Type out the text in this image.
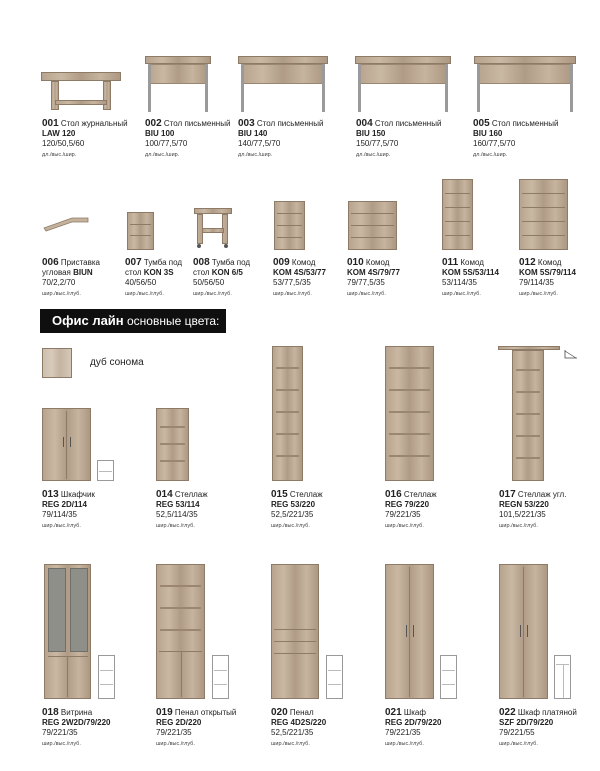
001 Стол журнальный
LAW 120
120/50,5/60
дл./выс./шир.
002 Стол письменный
BIU 100
100/77,5/70
дл./выс./шир.
003 Стол письменный
BIU 140
140/77,5/70
дл./выс./шир.
004 Стол письменный
BIU 150
150/77,5/70
дл./выс./шир.
005 Стол письменный
BIU 160
160/77,5/70
дл./выс./шир.
006 Приставка
угловая BIUN
70/2,2/70
шир./выс./глуб.
007 Тумба под
стол KON 3S
40/56/50
шир./выс./глуб.
008 Тумба под
стол KON 6/5
50/56/50
шир./выс./глуб.
009 Комод
KOM 4S/53/77
53/77,5/35
шир./выс./глуб.
010 Комод
KOM 4S/79/77
79/77,5/35
шир./выс./глуб.
011 Комод
KOM 5S/53/114
53/114/35
шир./выс./глуб.
012 Комод
KOM 5S/79/114
79/114/35
шир./выс./глуб.
Офис лайн основные цвета:
дуб сонома
013 Шкафчик
REG 2D/114
79/114/35
шир./выс./глуб.
014 Стеллаж
REG 53/114
52,5/114/35
шир./выс./глуб.
015 Стеллаж
REG 53/220
52,5/221/35
шир./выс./глуб.
016 Стеллаж
REG 79/220
79/221/35
шир./выс./глуб.
017 Стеллаж угл.
REGN 53/220
101,5/221/35
шир./выс./глуб.
018 Витрина
REG 2W2D/79/220
79/221/35
шир./выс./глуб.
019 Пенал открытый
REG 2D/220
79/221/35
шир./выс./глуб.
020 Пенал
REG 4D2S/220
52,5/221/35
шир./выс./глуб.
021 Шкаф
REG 2D/79/220
79/221/35
шир./выс./глуб.
022 Шкаф платяной
SZF 2D/79/220
79/221/55
шир./выс./глуб.
